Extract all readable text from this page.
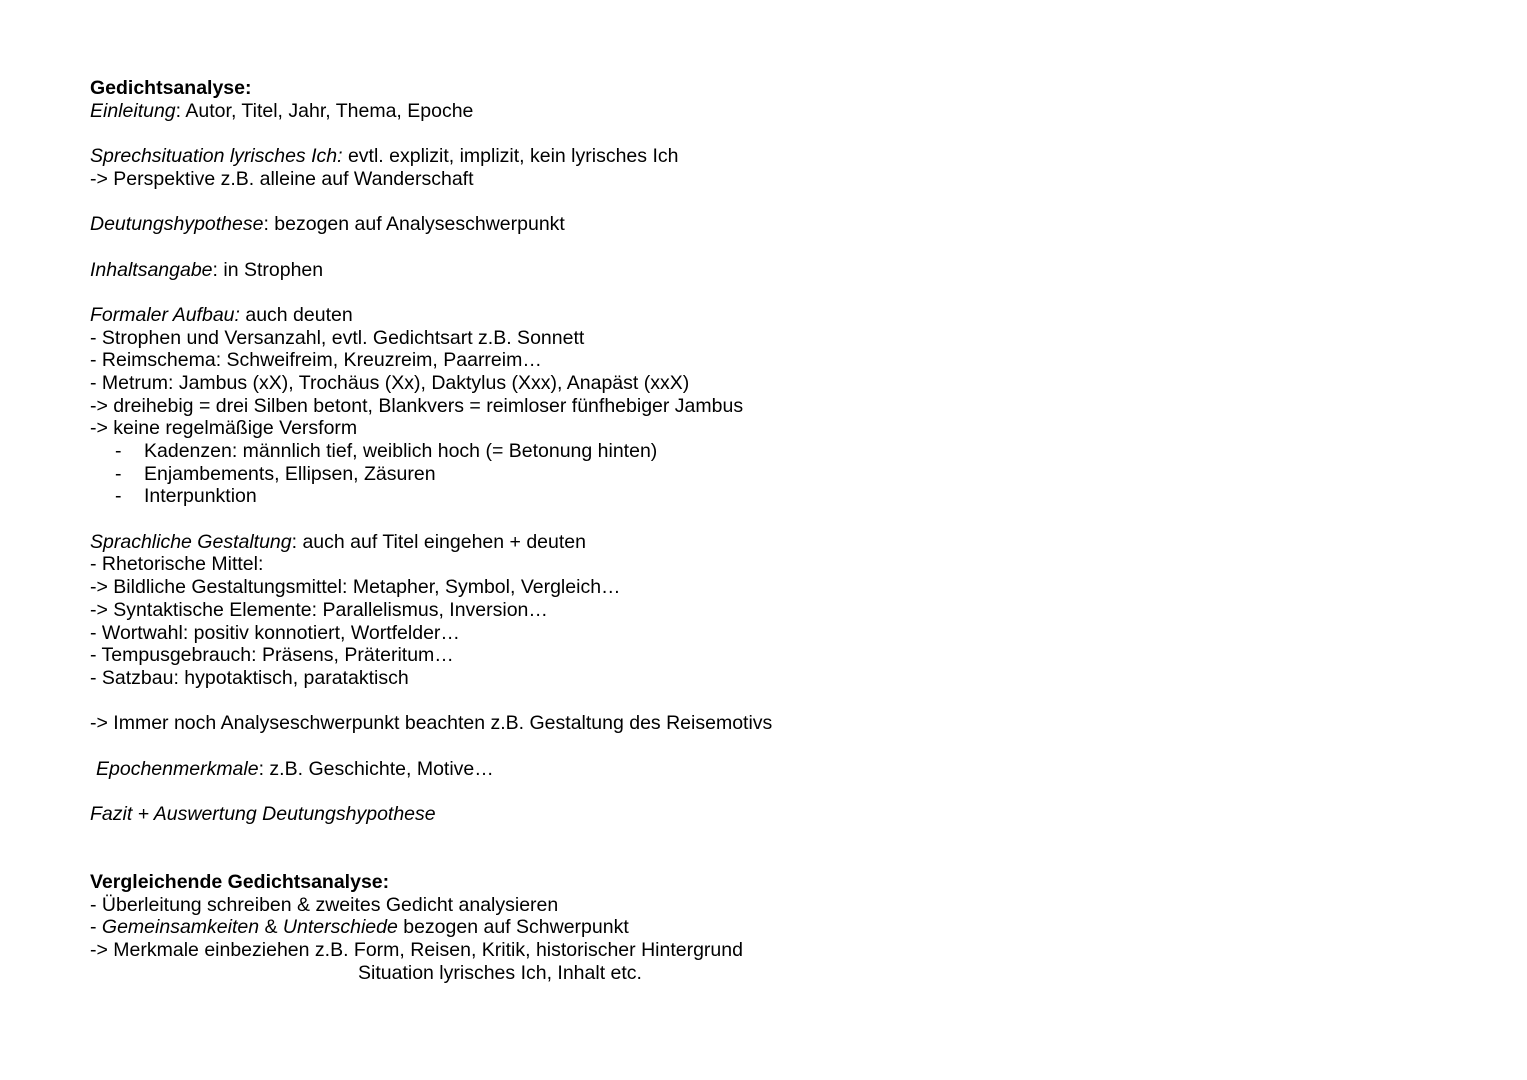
Gedichtsanalyse:
Einleitung: Autor, Titel, Jahr, Thema, Epoche
Sprechsituation lyrisches Ich: evtl. explizit, implizit, kein lyrisches Ich
-> Perspektive z.B. alleine auf Wanderschaft
Deutungshypothese: bezogen auf Analyseschwerpunkt
Inhaltsangabe: in Strophen
Formaler Aufbau: auch deuten
- Strophen und Versanzahl, evtl. Gedichtsart z.B. Sonnett
- Reimschema: Schweifreim, Kreuzreim, Paarreim…
- Metrum: Jambus (xX), Trochäus (Xx), Daktylus (Xxx), Anapäst (xxX)
-> dreihebig = drei Silben betont, Blankvers = reimloser fünfhebiger Jambus
-> keine regelmäßige Versform
- Kadenzen: männlich tief, weiblich hoch (= Betonung hinten)
- Enjambements, Ellipsen, Zäsuren
- Interpunktion
Sprachliche Gestaltung: auch auf Titel eingehen + deuten
- Rhetorische Mittel:
-> Bildliche Gestaltungsmittel: Metapher, Symbol, Vergleich…
-> Syntaktische Elemente: Parallelismus, Inversion…
- Wortwahl: positiv konnotiert, Wortfelder…
- Tempusgebrauch: Präsens, Präteritum…
- Satzbau: hypotaktisch, parataktisch
-> Immer noch Analyseschwerpunkt beachten z.B. Gestaltung des Reisemotivs
Epochenmerkmale: z.B. Geschichte, Motive…
Fazit + Auswertung Deutungshypothese
Vergleichende Gedichtsanalyse:
- Überleitung schreiben & zweites Gedicht analysieren
- Gemeinsamkeiten & Unterschiede bezogen auf Schwerpunkt
-> Merkmale einbeziehen z.B. Form, Reisen, Kritik, historischer Hintergrund
Situation lyrisches Ich, Inhalt etc.
